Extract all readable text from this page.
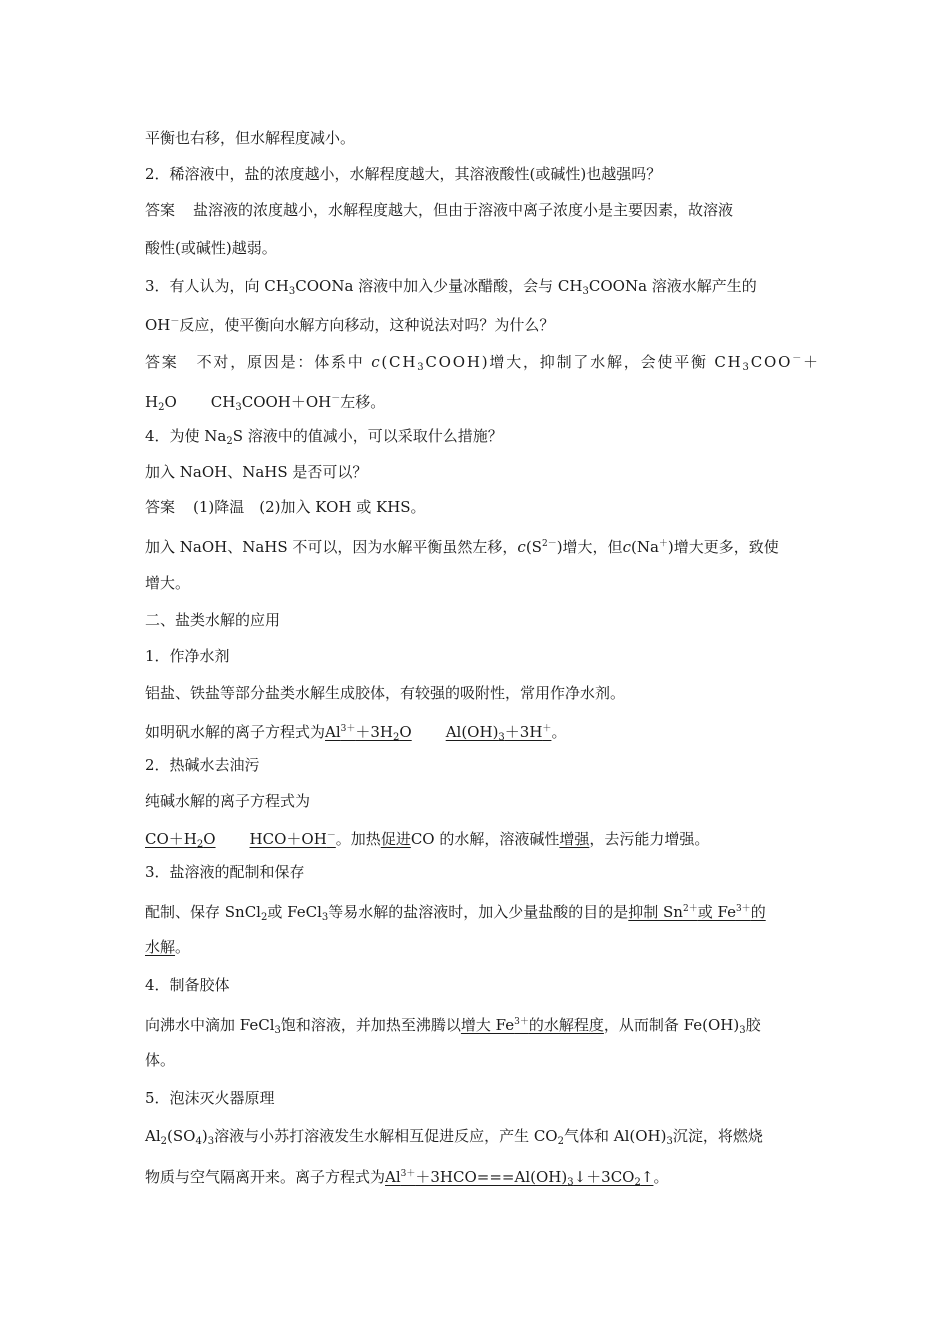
平衡也右移，但水解程度减小。
2．稀溶液中，盐的浓度越小，水解程度越大，其溶液酸性(或碱性)也越强吗？
答案 盐溶液的浓度越小，水解程度越大，但由于溶液中离子浓度小是主要因素，故溶液
酸性(或碱性)越弱。
3．有人认为，向 $CH_3COONa$ 溶液中加入少量冰醋酸，会与 $CH_3COONa$ 溶液水解产生的
OH－反应，使平衡向水解方向移动，这种说法对吗？为什么？
答案 不对，原因是：体系中 $c(CH_3COOH)$增大，抑制了水解，会使平衡 $CH_3COO^-+$
$H_2O$ $CH_3COOH+OH^-$左移。
4．为使 $Na_2S$ 溶液中的值减小，可以采取什么措施？
加入 NaOH、NaHS 是否可以？
答案 (1)降温　(2)加入 KOH 或 KHS。
加入 NaOH、NaHS 不可以，因为水解平衡虽然左移，$c(S^{2-})$增大，但c(Na＋)增大更多，致使
增大。
二、盐类水解的应用
1．作净水剂
铝盐、铁盐等部分盐类水解生成胶体，有较强的吸附性，常用作净水剂。
如明矾水解的离子方程式为$Al^{3+}+3H_2O$ $Al(OH)_3+3H^+$。
2．热碱水去油污
纯碱水解的离子方程式为
$CO+H_2O$ HCO＋OH－。加热促进CO 的水解，溶液碱性增强，去污能力增强。
3．盐溶液的配制和保存
配制、保存 SnCl$_2$或 FeCl$_3$等易水解的盐溶液时，加入少量盐酸的目的是抑制 $Sn^{2+}$或 $Fe^{3+}$的
水解。
4．制备胶体
向沸水中滴加 FeCl$_3$饱和溶液，并加热至沸腾以增大 $Fe^{3+}$的水解程度，从而制备 $Fe(OH)_3$胶
体。
5．泡沫灭火器原理
$Al_2(SO_4)_3$溶液与小苏打溶液发生水解相互促进反应，产生 $CO_2$气体和 $Al(OH)_3$沉淀，将燃烧
物质与空气隔离开来。离子方程式为$Al^{3+}+3HCO===Al(OH)_3↓+3CO_2↑$。
